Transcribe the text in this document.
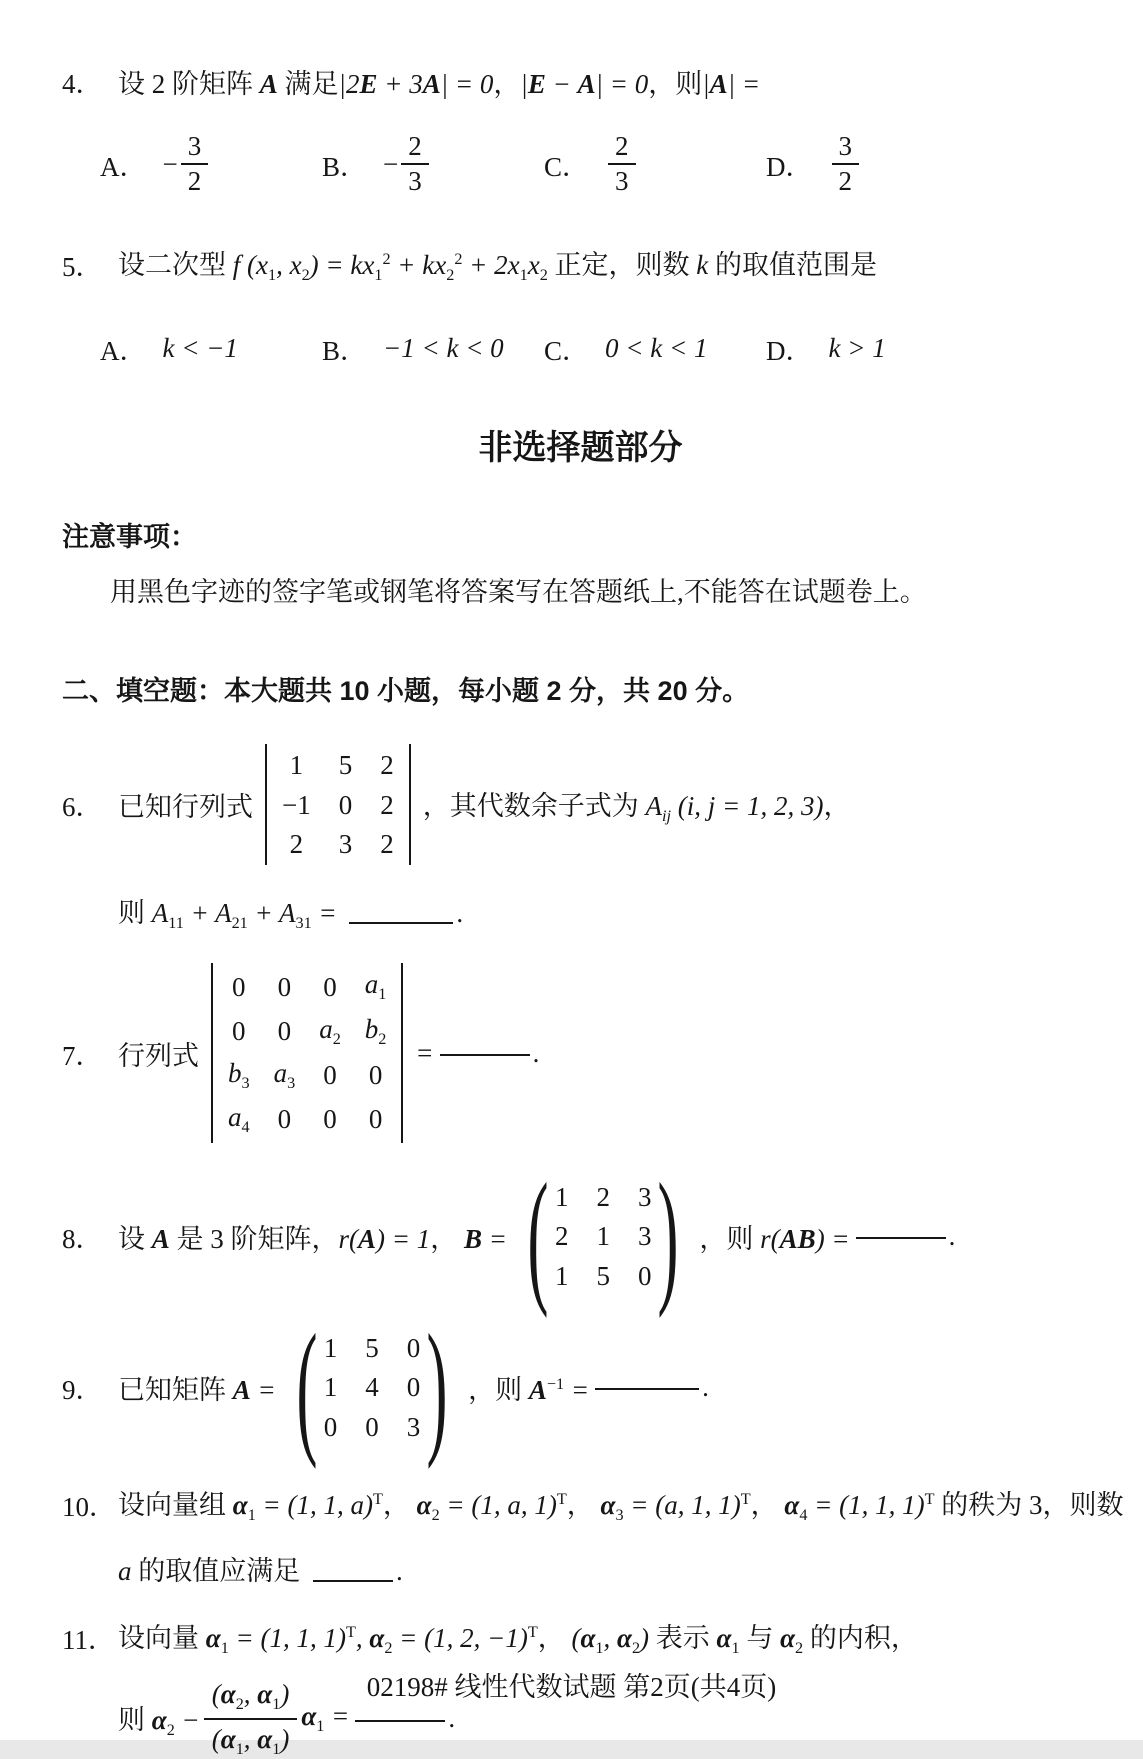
4． 设 2 阶矩阵 A 满足|2E + 3A| = 0，|E − A| = 0，则|A| =
A． − $\frac{3}{2}$	B． − $\frac{2}{3}$	C． $\frac{2}{3}$	D． $\frac{3}{2}$
5． 设二次型 f ($x_1$, $x_2) = kx_1^2 + kx_2^2 + 2x_1x_2$ 正定，则数 k 的取值范围是
A． k < −1	B． −1 < k < 0 C． 0 < k < 1 D． k > 1
非选择题部分
注意事项：
用黑色字迹的签字笔或钢笔将答案写在答题纸上,不能答在试题卷上。
二、填空题：本大题共 10 小题，每小题 2 分，共 20 分。
6． 已知行列式
1 5 2
−1 0 2
2 3 2
，其代数余子式为 $A_{ij}$ (i, j = 1, 2, 3)，
则 $A_{11} + A_{21} + A_{31}$ =	.
7． 行列式
0 0 0 $a_1$
0 0 $a_2$ $b_2$
$b_3$ $a_3$ 0 0
$a_4$ 0 0 0
=	.
8． 设 A 是 3 阶矩阵，r(A) = 1， B = ( 1 2 3
2 1 3
1 5 0 ) ，则 r(AB) =	.
9． 已知矩阵 A = ( 1 5 0
1 4 0
0 0 3 ) ，则 $A^{-1}$ =	.
10． 设向量组 $\alpha_1 = (1$, 1, a)$^T$， $\alpha_2 = (1$, a, 1)$^T$， $\alpha_3 = (a$, 1, 1)$^T$， $\alpha_4 = (1$, 1, 1)$^T$ 的秩为 3，则数
a 的取值应满足	.
11． 设向量 $\alpha_1 = (1$, 1, 1)$^T$, $\alpha_2 = (1$, 2, −1)$^T$， ($\alpha_1$, $\alpha_2$) 表示 $\alpha_1$ 与 $\alpha_2$ 的内积，
则 $\alpha_2 - \frac{(\alpha_2, \alpha_1)}{(\alpha_1, \alpha_1)} \alpha_1$ =	.
02198# 线性代数试题 第2页(共4页)
